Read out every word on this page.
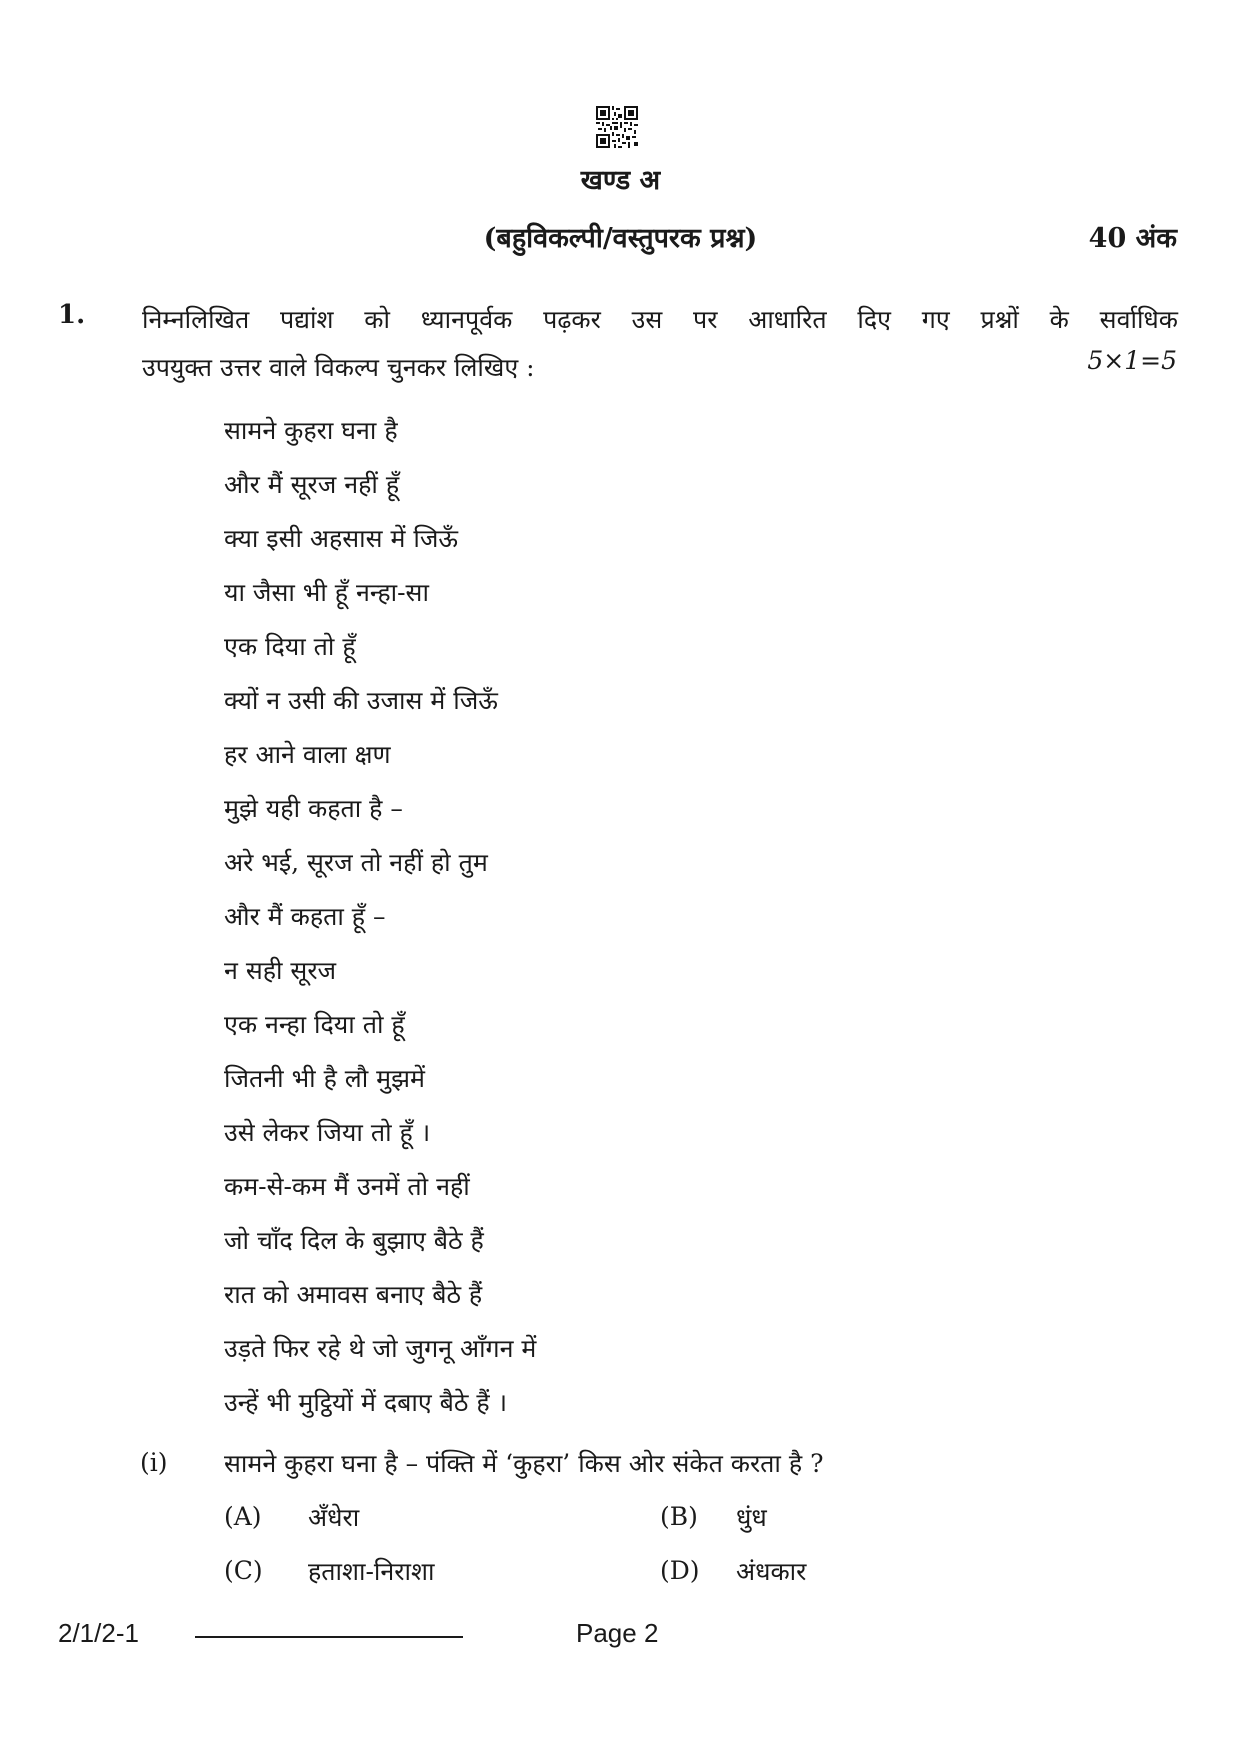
खण्ड अ
(बहुविकल्पी/वस्तुपरक प्रश्न)	40 अंक
1. निम्नलिखित पद्यांश को ध्यानपूर्वक पढ़कर उस पर आधारित दिए गए प्रश्नों के सर्वाधिक
उपयुक्त उत्तर वाले विकल्प चुनकर लिखिए :	5×1=5
सामने कुहरा घना है
और मैं सूरज नहीं हूँ
क्या इसी अहसास में जिऊँ
या जैसा भी हूँ नन्हा-सा
एक दिया तो हूँ
क्यों न उसी की उजास में जिऊँ
हर आने वाला क्षण
मुझे यही कहता है –
अरे भई, सूरज तो नहीं हो तुम
और मैं कहता हूँ –
न सही सूरज
एक नन्हा दिया तो हूँ
जितनी भी है लौ मुझमें
उसे लेकर जिया तो हूँ ।
कम-से-कम मैं उनमें तो नहीं
जो चाँद दिल के बुझाए बैठे हैं
रात को अमावस बनाए बैठे हैं
उड़ते फिर रहे थे जो जुगनू आँगन में
उन्हें भी मुट्ठियों में दबाए बैठे हैं ।
(i) सामने कुहरा घना है – पंक्ति में ‘कुहरा’ किस ओर संकेत करता है ?
(A) अँधेरा	(B) धुंध
(C) हताशा-निराशा	(D) अंधकार
2/1/2-1	Page 2
